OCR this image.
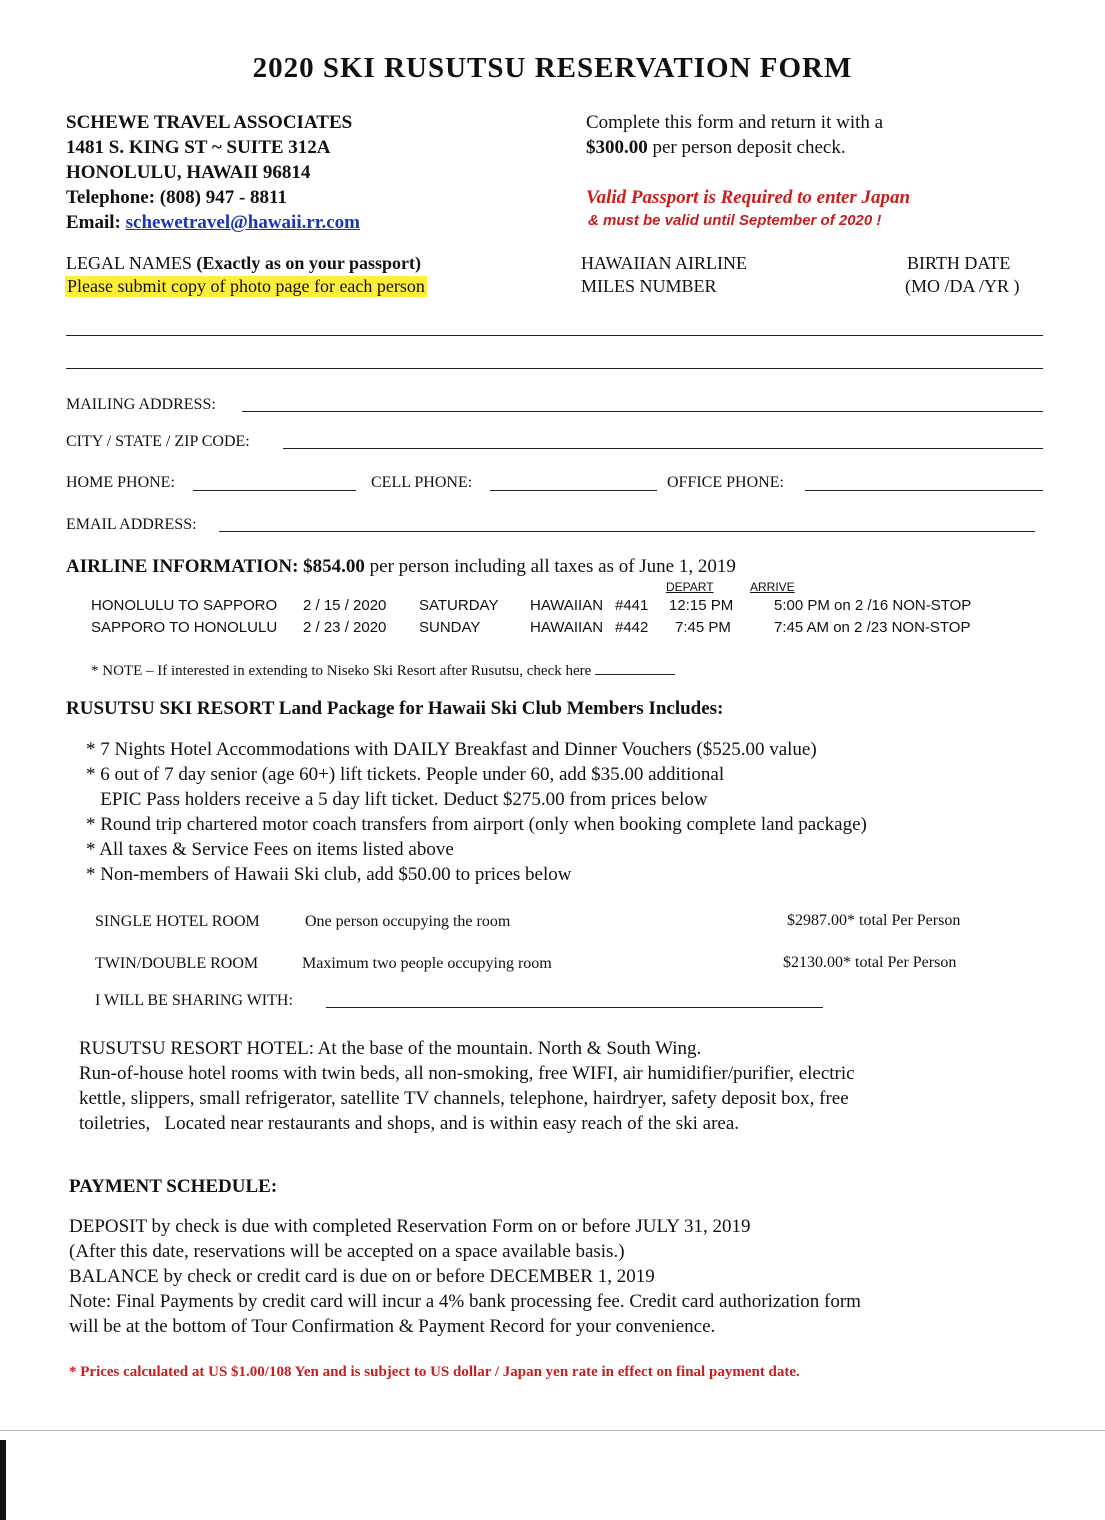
2020 SKI RUSUTSU RESERVATION FORM
SCHEWE TRAVEL ASSOCIATES
1481 S. KING ST ~ SUITE 312A
HONOLULU, HAWAII 96814
Telephone: (808) 947 - 8811
Email: schewetravel@hawaii.rr.com
Complete this form and return it with a
$300.00 per person deposit check.
Valid Passport is Required to enter Japan
& must be valid until September of 2020 !
LEGAL NAMES (Exactly as on your passport)
Please submit copy of photo page for each person
HAWAIIAN AIRLINE
MILES NUMBER
BIRTH DATE
(MO /DA /YR )
MAILING ADDRESS:
CITY / STATE / ZIP CODE:
HOME PHONE:	CELL PHONE:	OFFICE PHONE:
EMAIL ADDRESS:
AIRLINE INFORMATION: $854.00 per person including all taxes as of June 1, 2019
DEPART	ARRIVE
HONOLULU TO SAPPORO 2 / 15 / 2020 SATURDAY HAWAIIAN #441 12:15 PM	5:00 PM on 2 /16 NON-STOP
SAPPORO TO HONOLULU 2 / 23 / 2020 SUNDAY	HAWAIIAN #442 7:45 PM	7:45 AM on 2 /23 NON-STOP
* NOTE – If interested in extending to Niseko Ski Resort after Rusutsu, check here
RUSUTSU SKI RESORT Land Package for Hawaii Ski Club Members Includes:
* 7 Nights Hotel Accommodations with DAILY Breakfast and Dinner Vouchers ($525.00 value)
* 6 out of 7 day senior (age 60+) lift tickets. People under 60, add $35.00 additional
EPIC Pass holders receive a 5 day lift ticket. Deduct $275.00 from prices below
* Round trip chartered motor coach transfers from airport (only when booking complete land package)
* All taxes & Service Fees on items listed above
* Non-members of Hawaii Ski club, add $50.00 to prices below
SINGLE HOTEL ROOM	One person occupying the room	$2987.00* total Per Person
TWIN/DOUBLE ROOM	Maximum two people occupying room	$2130.00* total Per Person
I WILL BE SHARING WITH:
RUSUTSU RESORT HOTEL: At the base of the mountain. North & South Wing.
Run-of-house hotel rooms with twin beds, all non-smoking, free WIFI, air humidifier/purifier, electric
kettle, slippers, small refrigerator, satellite TV channels, telephone, hairdryer, safety deposit box, free
toiletries,   Located near restaurants and shops, and is within easy reach of the ski area.
PAYMENT SCHEDULE:
DEPOSIT by check is due with completed Reservation Form on or before JULY 31, 2019
(After this date, reservations will be accepted on a space available basis.)
BALANCE by check or credit card is due on or before DECEMBER 1, 2019
Note: Final Payments by credit card will incur a 4% bank processing fee. Credit card authorization form
will be at the bottom of Tour Confirmation & Payment Record for your convenience.
* Prices calculated at US $1.00/108 Yen and is subject to US dollar / Japan yen rate in effect on final payment date.
